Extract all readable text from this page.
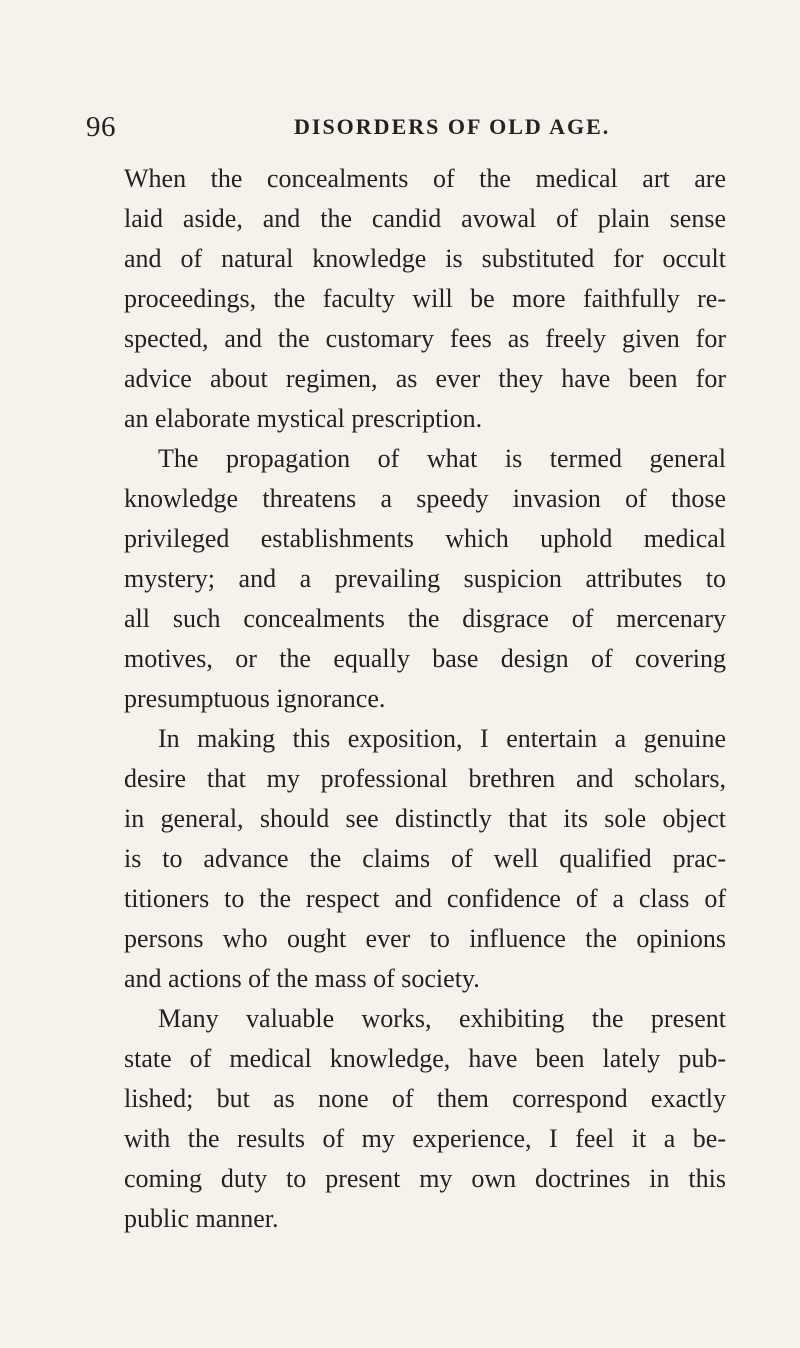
96	DISORDERS OF OLD AGE.
When the concealments of the medical art are
laid aside, and the candid avowal of plain sense
and of natural knowledge is substituted for occult
proceedings, the faculty will be more faithfully re-
spected, and the customary fees as freely given for
advice about regimen, as ever they have been for
an elaborate mystical prescription.
The propagation of what is termed general
knowledge threatens a speedy invasion of those
privileged establishments which uphold medical
mystery; and a prevailing suspicion attributes to
all such concealments the disgrace of mercenary
motives, or the equally base design of covering
presumptuous ignorance.
In making this exposition, I entertain a genuine
desire that my professional brethren and scholars,
in general, should see distinctly that its sole object
is to advance the claims of well qualified prac-
titioners to the respect and confidence of a class of
persons who ought ever to influence the opinions
and actions of the mass of society.
Many valuable works, exhibiting the present
state of medical knowledge, have been lately pub-
lished; but as none of them correspond exactly
with the results of my experience, I feel it a be-
coming duty to present my own doctrines in this
public manner.
